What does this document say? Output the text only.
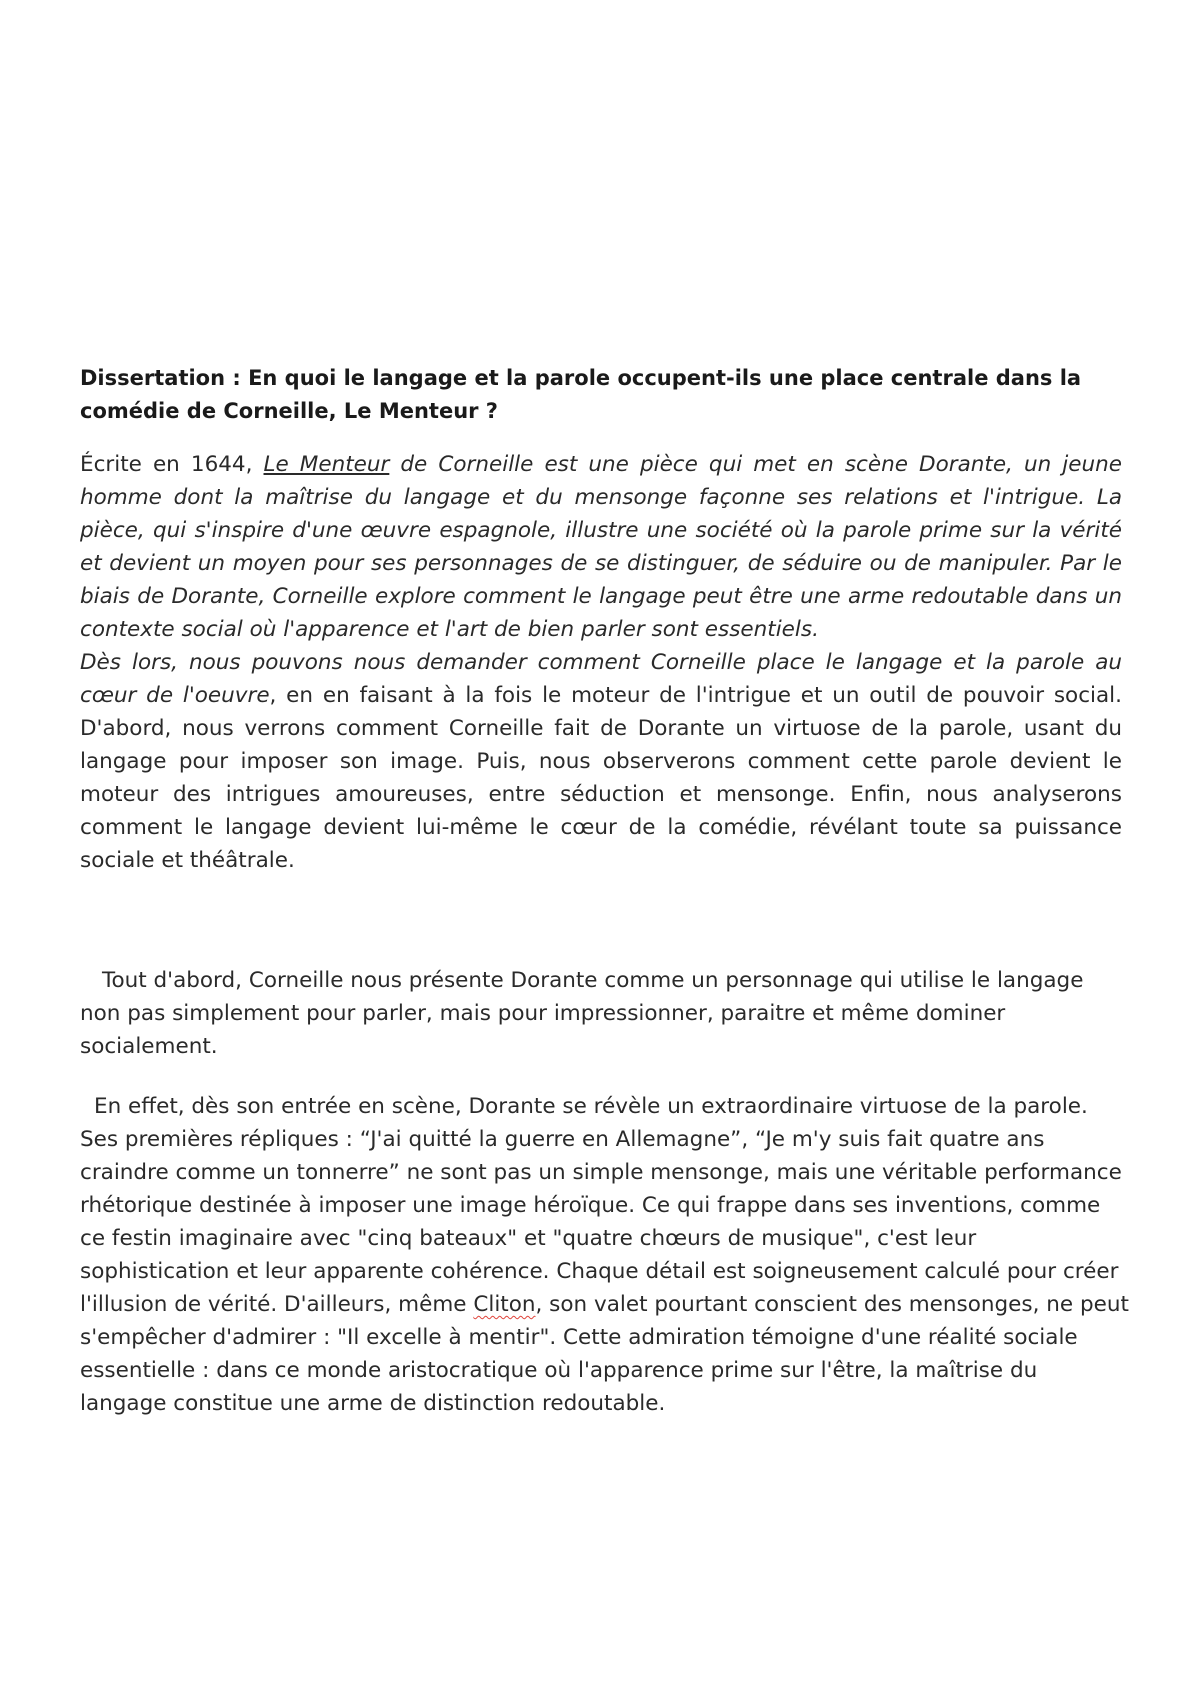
Dissertation : En quoi le langage et la parole occupent-ils une place centrale dans la
comédie de Corneille, Le Menteur ?

Écrite en 1644, Le Menteur de Corneille est une pièce qui met en scène Dorante, un jeune homme dont la maîtrise du langage et du mensonge façonne ses relations et l'intrigue. La pièce, qui s'inspire d'une œuvre espagnole, illustre une société où la parole prime sur la vérité et devient un moyen pour ses personnages de se distinguer, de séduire ou de manipuler. Par le biais de Dorante, Corneille explore comment le langage peut être une arme redoutable dans un contexte social où l'apparence et l'art de bien parler sont essentiels.
Dès lors, nous pouvons nous demander comment Corneille place le langage et la parole au cœur de l'oeuvre, en en faisant à la fois le moteur de l'intrigue et un outil de pouvoir social. D'abord, nous verrons comment Corneille fait de Dorante un virtuose de la parole, usant du langage pour imposer son image. Puis, nous observerons comment cette parole devient le moteur des intrigues amoureuses, entre séduction et mensonge. Enfin, nous analyserons comment le langage devient lui-même le cœur de la comédie, révélant toute sa puissance sociale et théâtrale.

Tout d'abord, Corneille nous présente Dorante comme un personnage qui utilise le langage non pas simplement pour parler, mais pour impressionner, paraitre et même dominer socialement.

En effet, dès son entrée en scène, Dorante se révèle un extraordinaire virtuose de la parole. Ses premières répliques : “J'ai quitté la guerre en Allemagne”, “Je m'y suis fait quatre ans craindre comme un tonnerre” ne sont pas un simple mensonge, mais une véritable performance rhétorique destinée à imposer une image héroïque. Ce qui frappe dans ses inventions, comme ce festin imaginaire avec "cinq bateaux" et "quatre chœurs de musique", c'est leur sophistication et leur apparente cohérence. Chaque détail est soigneusement calculé pour créer l'illusion de vérité. D'ailleurs, même Cliton, son valet pourtant conscient des mensonges, ne peut s'empêcher d'admirer : "Il excelle à mentir". Cette admiration témoigne d'une réalité sociale essentielle : dans ce monde aristocratique où l'apparence prime sur l'être, la maîtrise du langage constitue une arme de distinction redoutable.
